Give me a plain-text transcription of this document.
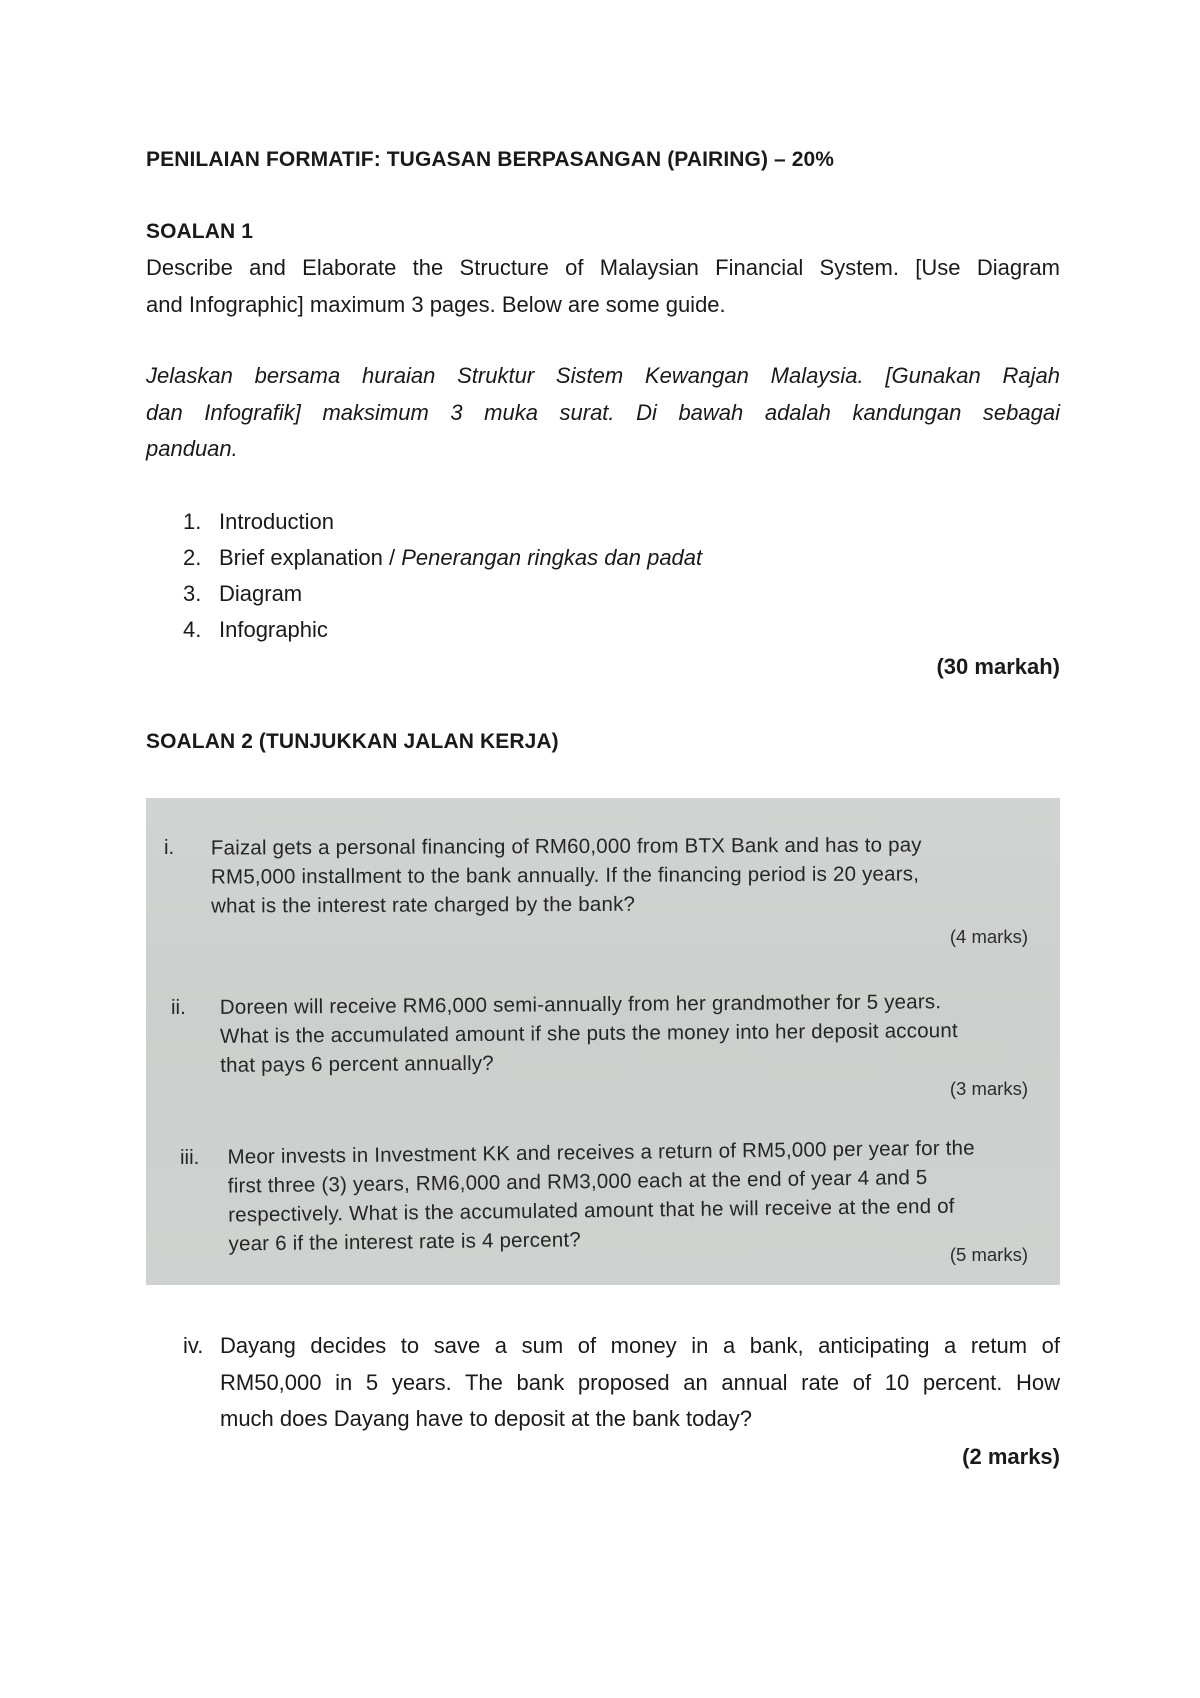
PENILAIAN FORMATIF: TUGASAN BERPASANGAN (PAIRING) – 20%
SOALAN 1
Describe and Elaborate the Structure of Malaysian Financial System. [Use Diagram
and Infographic] maximum 3 pages. Below are some guide.
Jelaskan bersama huraian Struktur Sistem Kewangan Malaysia. [Gunakan Rajah
dan Infografik] maksimum 3 muka surat. Di bawah adalah kandungan sebagai
panduan.
1. Introduction
2. Brief explanation / Penerangan ringkas dan padat
3. Diagram
4. Infographic
(30 markah)
SOALAN 2 (TUNJUKKAN JALAN KERJA)
i. Faizal gets a personal financing of RM60,000 from BTX Bank and has to pay
RM5,000 installment to the bank annually. If the financing period is 20 years,
what is the interest rate charged by the bank?
(4 marks)
ii. Doreen will receive RM6,000 semi-annually from her grandmother for 5 years.
What is the accumulated amount if she puts the money into her deposit account
that pays 6 percent annually?
(3 marks)
iii. Meor invests in Investment KK and receives a return of RM5,000 per year for the
first three (3) years, RM6,000 and RM3,000 each at the end of year 4 and 5
respectively. What is the accumulated amount that he will receive at the end of
year 6 if the interest rate is 4 percent?	(5 marks)
iv. Dayang decides to save a sum of money in a bank, anticipating a retum of
RM50,000 in 5 years. The bank proposed an annual rate of 10 percent. How
much does Dayang have to deposit at the bank today?
(2 marks)
